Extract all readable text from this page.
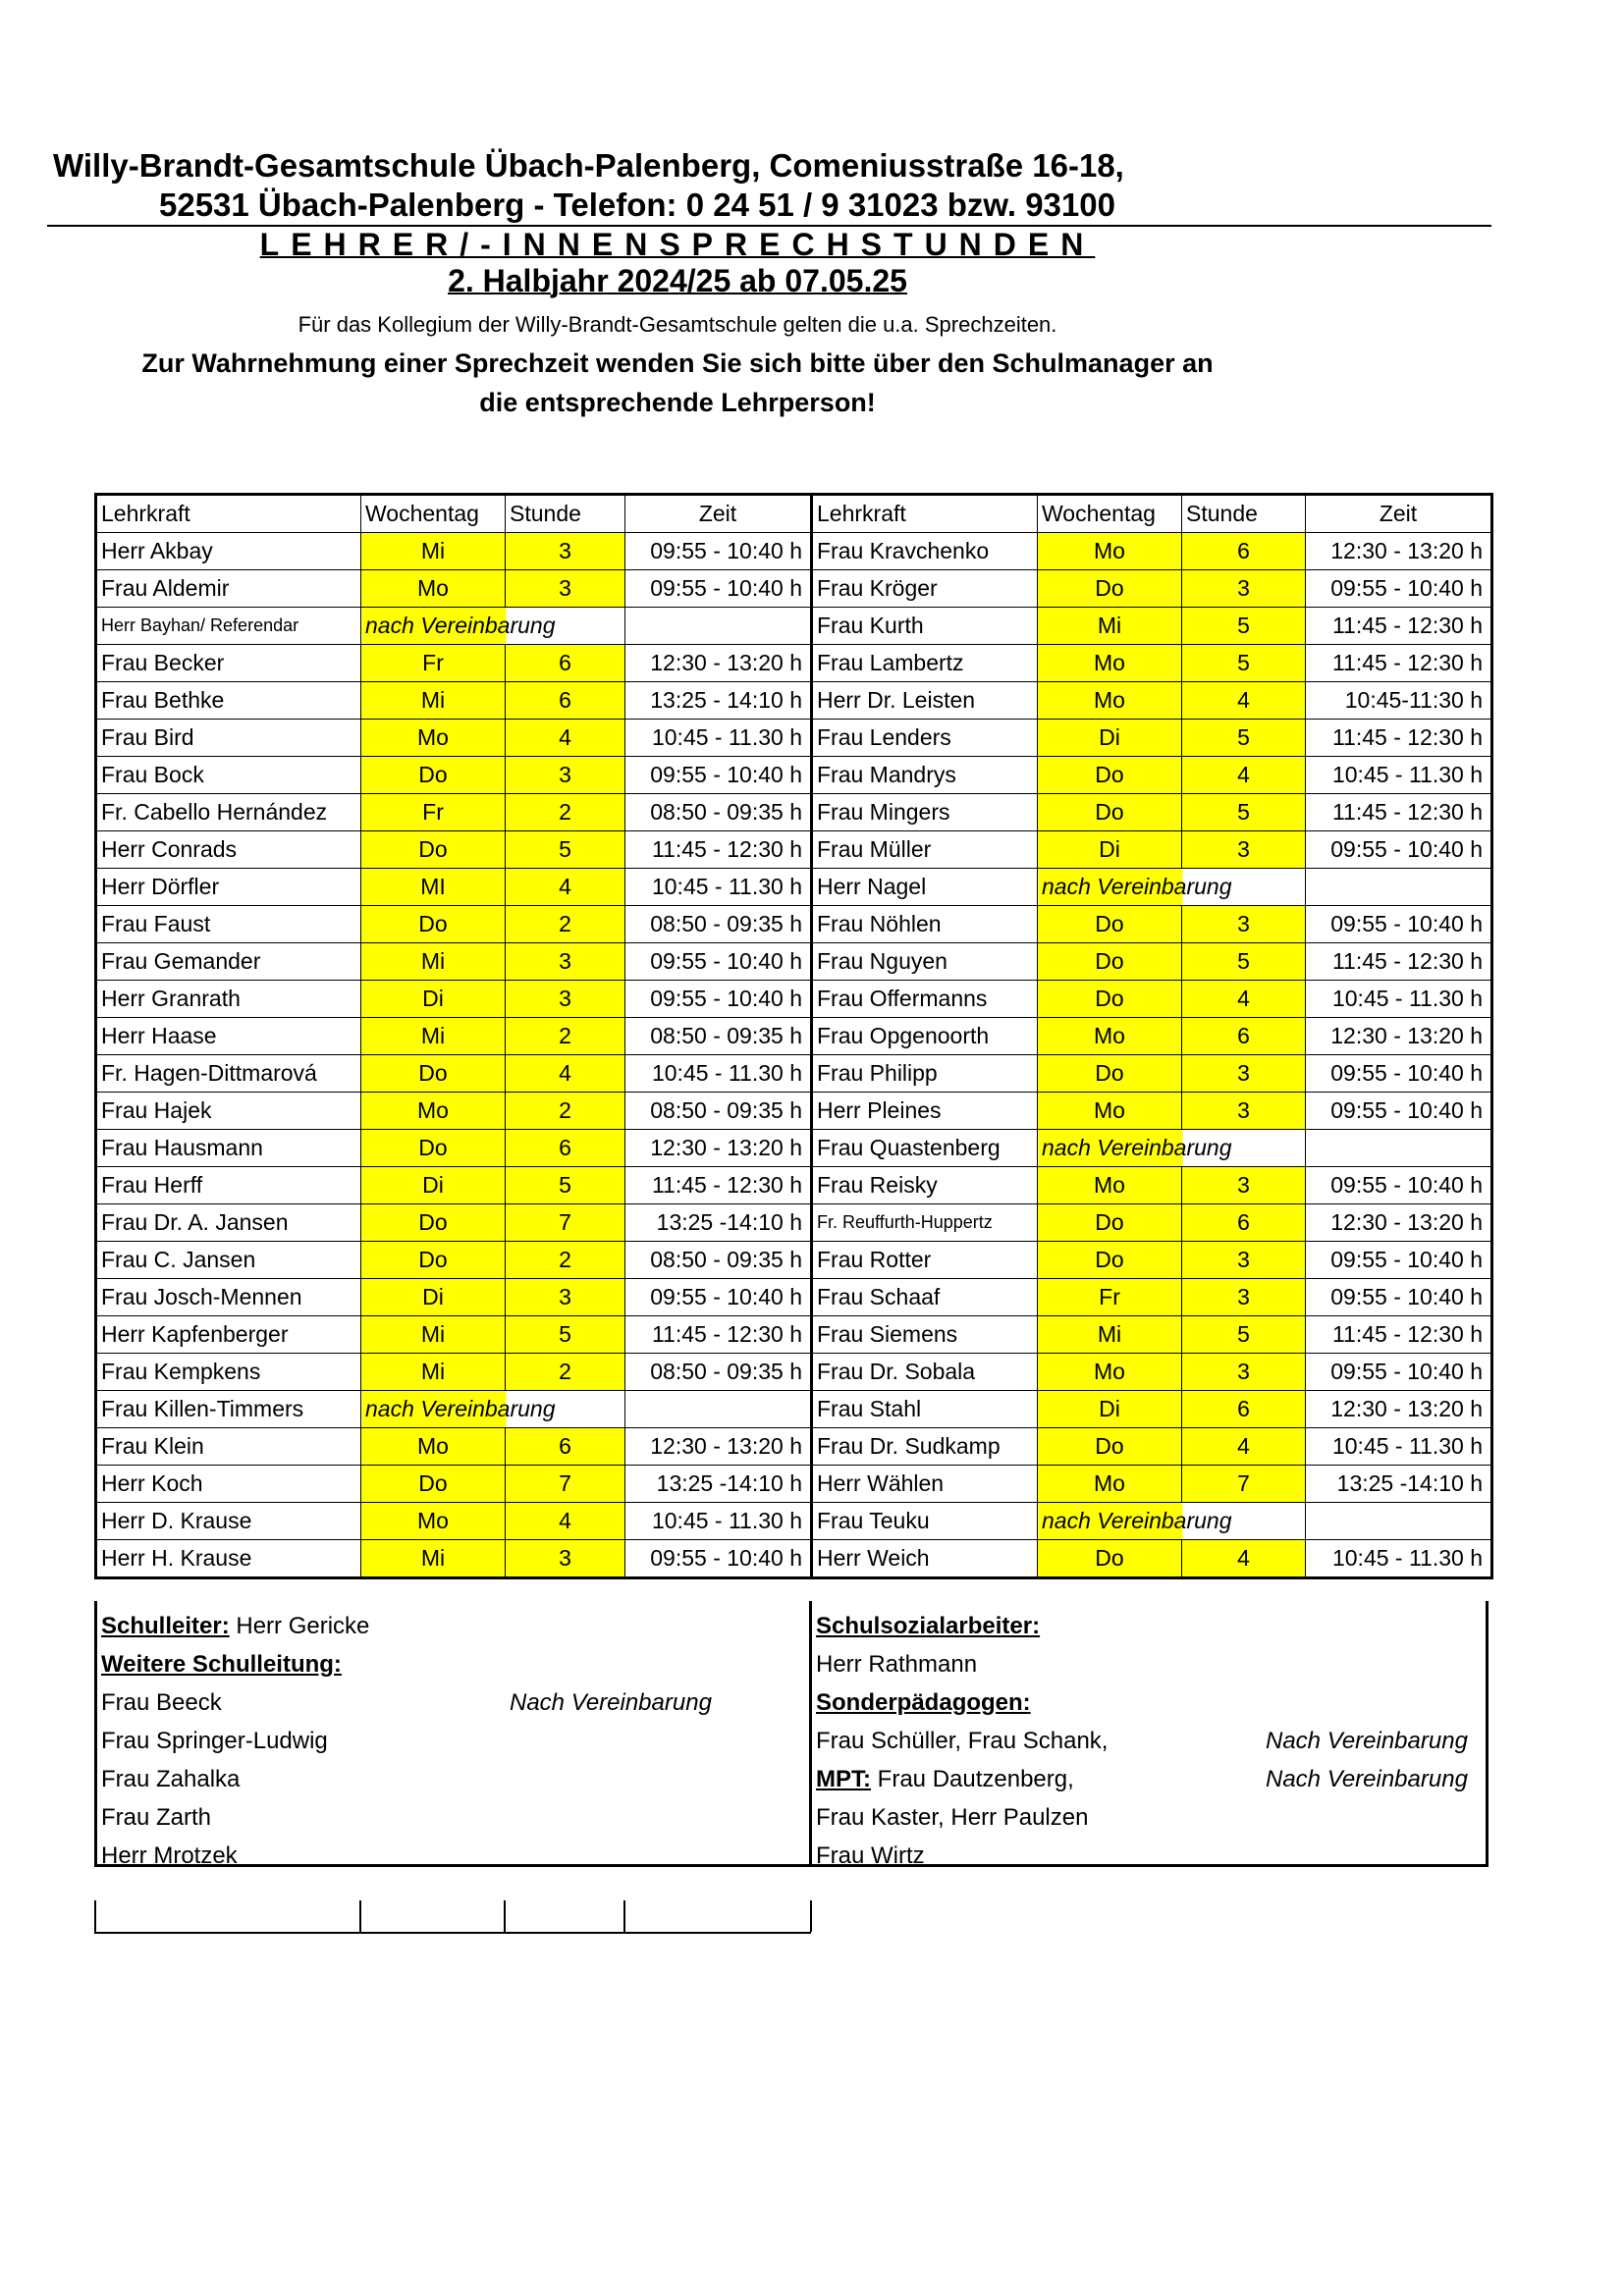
Willy-Brandt-Gesamtschule Übach-Palenberg, Comeniusstraße 16-18,
52531 Übach-Palenberg - Telefon: 0 24 51 / 9 31023 bzw. 93100
LEHRER/-INNENSPRECHSTUNDEN
2. Halbjahr 2024/25 ab 07.05.25
Für das Kollegium der Willy-Brandt-Gesamtschule gelten die u.a. Sprechzeiten.
Zur Wahrnehmung einer Sprechzeit wenden Sie sich bitte über den Schulmanager an
die entsprechende Lehrperson!
Lehrkraft	Wochentag	Stunde	Zeit	Lehrkraft	Wochentag	Stunde	Zeit
Herr Akbay	Mi	3	09:55 - 10:40 h	Frau Kravchenko	Mo	6	12:30 - 13:20 h
Frau Aldemir	Mo	3	09:55 - 10:40 h	Frau Kröger	Do	3	09:55 - 10:40 h
Herr Bayhan/ Referendar	nach Vereinbarung			Frau Kurth	Mi	5	11:45 - 12:30 h
Frau Becker	Fr	6	12:30 - 13:20 h	Frau Lambertz	Mo	5	11:45 - 12:30 h
Frau Bethke	Mi	6	13:25 - 14:10 h	Herr Dr. Leisten	Mo	4	10:45-11:30 h
Frau Bird	Mo	4	10:45 - 11.30 h	Frau Lenders	Di	5	11:45 - 12:30 h
Frau Bock	Do	3	09:55 - 10:40 h	Frau Mandrys	Do	4	10:45 - 11.30 h
Fr. Cabello Hernández	Fr	2	08:50 - 09:35 h	Frau Mingers	Do	5	11:45 - 12:30 h
Herr Conrads	Do	5	11:45 - 12:30 h	Frau Müller	Di	3	09:55 - 10:40 h
Herr Dörfler	MI	4	10:45 - 11.30 h	Herr Nagel	nach Vereinbarung		
Frau Faust	Do	2	08:50 - 09:35 h	Frau Nöhlen	Do	3	09:55 - 10:40 h
Frau Gemander	Mi	3	09:55 - 10:40 h	Frau Nguyen	Do	5	11:45 - 12:30 h
Herr Granrath	Di	3	09:55 - 10:40 h	Frau Offermanns	Do	4	10:45 - 11.30 h
Herr Haase	Mi	2	08:50 - 09:35 h	Frau Opgenoorth	Mo	6	12:30 - 13:20 h
Fr. Hagen-Dittmarová	Do	4	10:45 - 11.30 h	Frau Philipp	Do	3	09:55 - 10:40 h
Frau Hajek	Mo	2	08:50 - 09:35 h	Herr Pleines	Mo	3	09:55 - 10:40 h
Frau Hausmann	Do	6	12:30 - 13:20 h	Frau Quastenberg	nach Vereinbarung		
Frau Herff	Di	5	11:45 - 12:30 h	Frau Reisky	Mo	3	09:55 - 10:40 h
Frau Dr. A. Jansen	Do	7	13:25 -14:10 h	Fr. Reuffurth-Huppertz	Do	6	12:30 - 13:20 h
Frau C. Jansen	Do	2	08:50 - 09:35 h	Frau Rotter	Do	3	09:55 - 10:40 h
Frau Josch-Mennen	Di	3	09:55 - 10:40 h	Frau Schaaf	Fr	3	09:55 - 10:40 h
Herr Kapfenberger	Mi	5	11:45 - 12:30 h	Frau Siemens	Mi	5	11:45 - 12:30 h
Frau Kempkens	Mi	2	08:50 - 09:35 h	Frau Dr. Sobala	Mo	3	09:55 - 10:40 h
Frau Killen-Timmers	nach Vereinbarung			Frau Stahl	Di	6	12:30 - 13:20 h
Frau Klein	Mo	6	12:30 - 13:20 h	Frau Dr. Sudkamp	Do	4	10:45 - 11.30 h
Herr Koch	Do	7	13:25 -14:10 h	Herr Wählen	Mo	7	13:25 -14:10 h
Herr D. Krause	Mo	4	10:45 - 11.30 h	Frau Teuku	nach Vereinbarung		
Herr H. Krause	Mi	3	09:55 - 10:40 h	Herr Weich	Do	4	10:45 - 11.30 h
Schulleiter: Herr Gericke
Weitere Schulleitung:
Frau Beeck	Nach Vereinbarung
Frau Springer-Ludwig
Frau Zahalka
Frau Zarth
Herr Mrotzek
Schulsozialarbeiter:
Herr Rathmann
Sonderpädagogen:
Frau Schüller, Frau Schank,	Nach Vereinbarung
MPT: Frau Dautzenberg,	Nach Vereinbarung
Frau Kaster, Herr Paulzen
Frau Wirtz
